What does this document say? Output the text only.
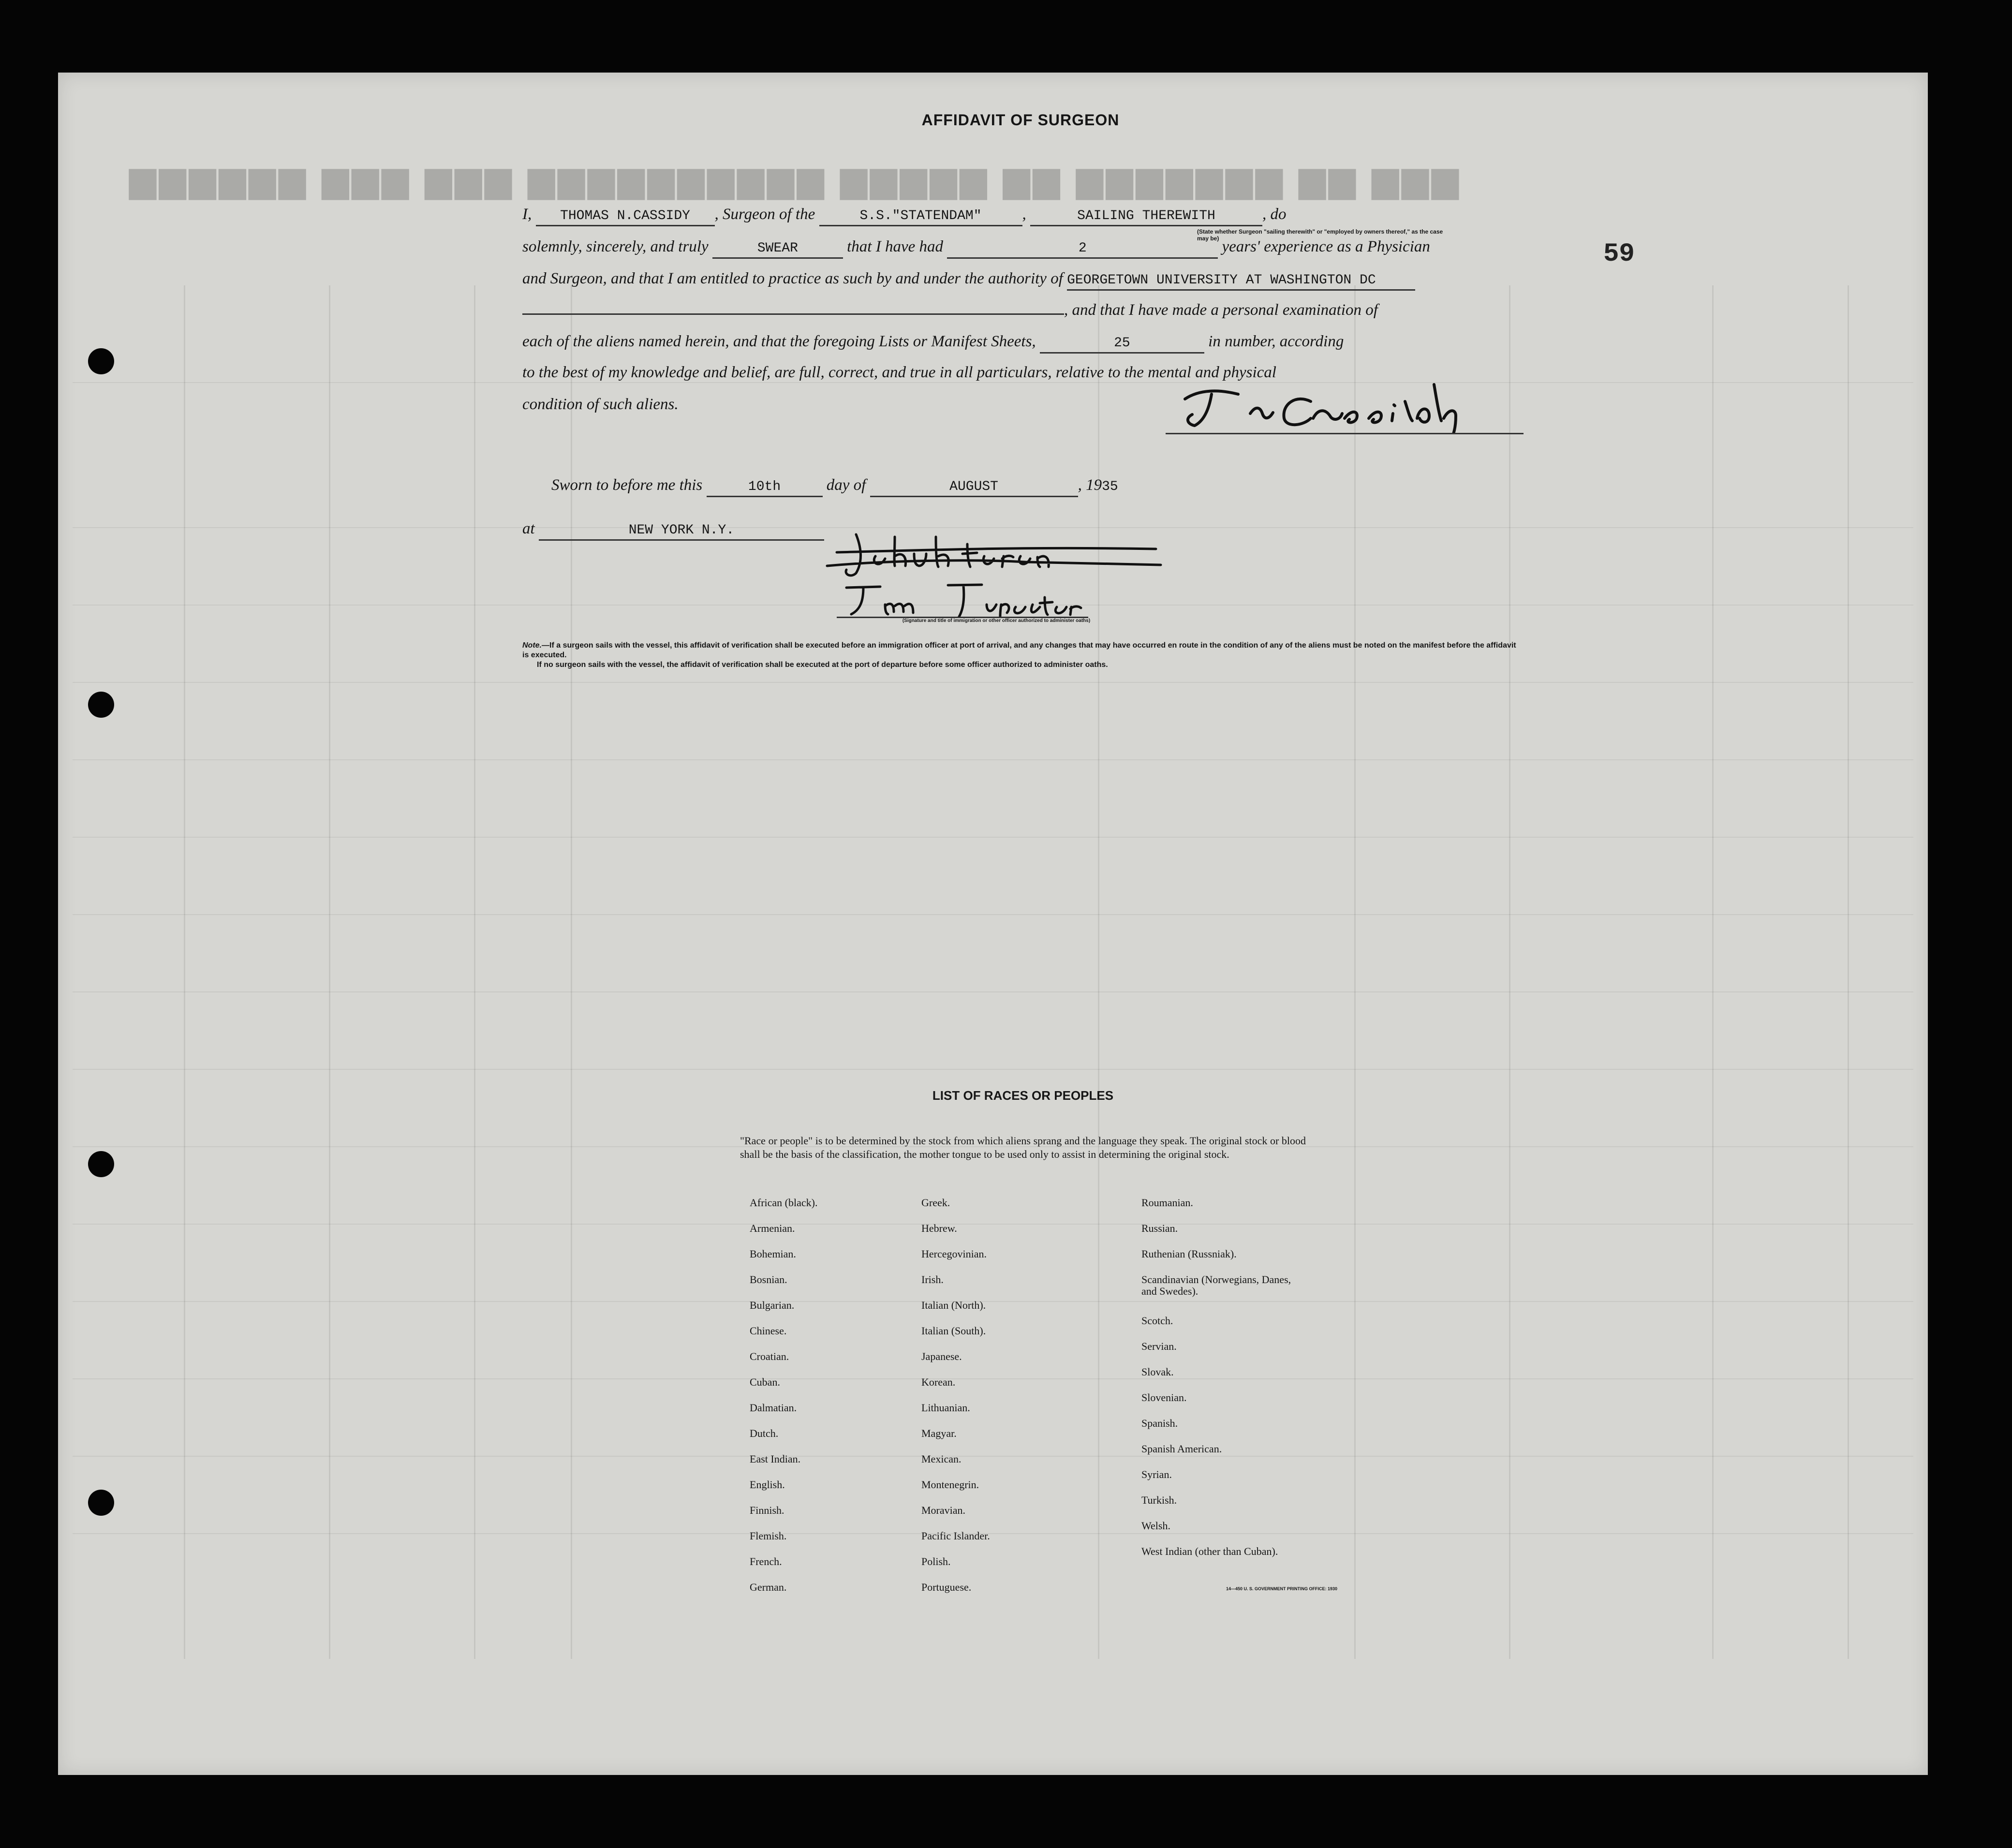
▆▆▆ ▆▆ ▆▆▆▆▆▆▆ ▆▆ ▆▆▆▆▆ ▆▆▆▆▆▆▆▆▆▆ ▆▆▆ ▆▆▆ ▆▆▆▆▆▆
59
AFFIDAVIT OF SURGEON
I, THOMAS N.CASSIDY , Surgeon of the	S.S."STATENDAM"	,	SAILING THEREWITH	, do
(State whether Surgeon "sailing therewith" or "employed by owners thereof," as the case may be)
solemnly, sincerely, and truly	SWEAR	that I have had	2	years' experience as a Physician
and Surgeon, and that I am entitled to practice as such by and under the authority of GEORGETOWN UNIVERSITY AT WASHINGTON DC
, and that I have made a personal examination of
each of the aliens named herein, and that the foregoing Lists or Manifest Sheets,	25	in number, according
to the best of my knowledge and belief, are full, correct, and true in all particulars, relative to the mental and physical
condition of such aliens.
Sworn to before me this	10th	day of	AUGUST	, 1935
at	NEW YORK N.Y.
(Signature and title of immigration or other officer authorized to administer oaths)
Note.—If a surgeon sails with the vessel, this affidavit of verification shall be executed before an immigration officer at port of arrival, and any changes that may have occurred en route in the condition of any of the aliens must be noted on the manifest before the affidavit is executed.
If no surgeon sails with the vessel, the affidavit of verification shall be executed at the port of departure before some officer authorized to administer oaths.
LIST OF RACES OR PEOPLES
"Race or people" is to be determined by the stock from which aliens sprang and the language they speak. The original stock or blood shall be the basis of the classification, the mother tongue to be used only to assist in determining the original stock.
African (black).
Armenian.
Bohemian.
Bosnian.
Bulgarian.
Chinese.
Croatian.
Cuban.
Dalmatian.
Dutch.
East Indian.
English.
Finnish.
Flemish.
French.
German.
Greek.
Hebrew.
Hercegovinian.
Irish.
Italian (North).
Italian (South).
Japanese.
Korean.
Lithuanian.
Magyar.
Mexican.
Montenegrin.
Moravian.
Pacific Islander.
Polish.
Portuguese.
Roumanian.
Russian.
Ruthenian (Russniak).
Scandinavian (Norwegians, Danes, and Swedes).
Scotch.
Servian.
Slovak.
Slovenian.
Spanish.
Spanish American.
Syrian.
Turkish.
Welsh.
West Indian (other than Cuban).
14—450 U. S. GOVERNMENT PRINTING OFFICE: 1930
